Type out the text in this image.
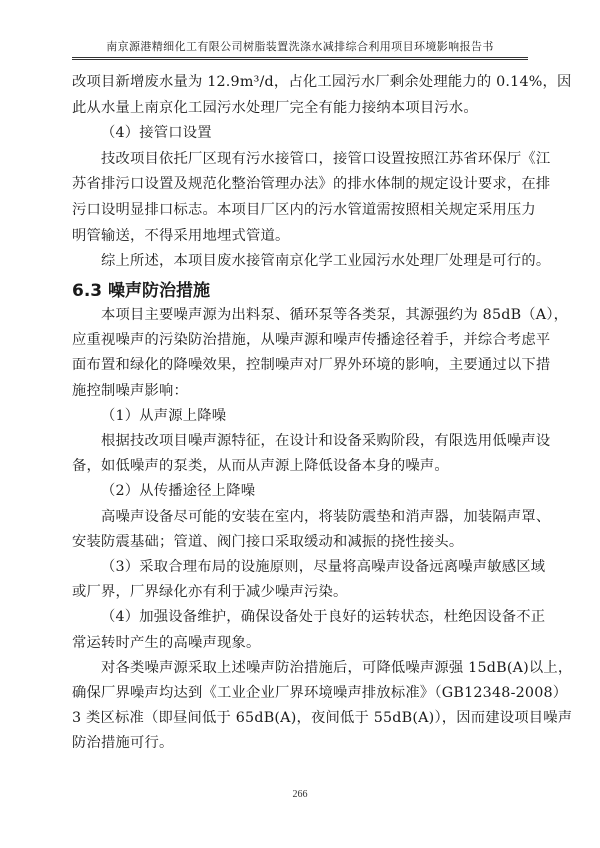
南京源港精细化工有限公司树脂装置洗涤水减排综合利用项目环境影响报告书
改项目新增废水量为 12.9m³/d，占化工园污水厂剩余处理能力的 0.14%，因
此从水量上南京化工园污水处理厂完全有能力接纳本项目污水。
（4）接管口设置
技改项目依托厂区现有污水接管口，接管口设置按照江苏省环保厅《江
苏省排污口设置及规范化整治管理办法》的排水体制的规定设计要求，在排
污口设明显排口标志。本项目厂区内的污水管道需按照相关规定采用压力
明管输送，不得采用地埋式管道。
综上所述，本项目废水接管南京化学工业园污水处理厂处理是可行的。
6.3 噪声防治措施
本项目主要噪声源为出料泵、循环泵等各类泵，其源强约为 85dB（A），
应重视噪声的污染防治措施，从噪声源和噪声传播途径着手，并综合考虑平
面布置和绿化的降噪效果，控制噪声对厂界外环境的影响，主要通过以下措
施控制噪声影响：
（1）从声源上降噪
根据技改项目噪声源特征，在设计和设备采购阶段，有限选用低噪声设
备，如低噪声的泵类，从而从声源上降低设备本身的噪声。
（2）从传播途径上降噪
高噪声设备尽可能的安装在室内，将装防震垫和消声器，加装隔声罩、
安装防震基础；管道、阀门接口采取缓动和减振的挠性接头。
（3）采取合理布局的设施原则，尽量将高噪声设备远离噪声敏感区域
或厂界，厂界绿化亦有利于减少噪声污染。
（4）加强设备维护，确保设备处于良好的运转状态，杜绝因设备不正
常运转时产生的高噪声现象。
对各类噪声源采取上述噪声防治措施后，可降低噪声源强 15dB(A)以上，
确保厂界噪声均达到《工业企业厂界环境噪声排放标准》（GB12348-2008）
3 类区标准（即昼间低于 65dB(A)，夜间低于 55dB(A)），因而建设项目噪声
防治措施可行。
266
